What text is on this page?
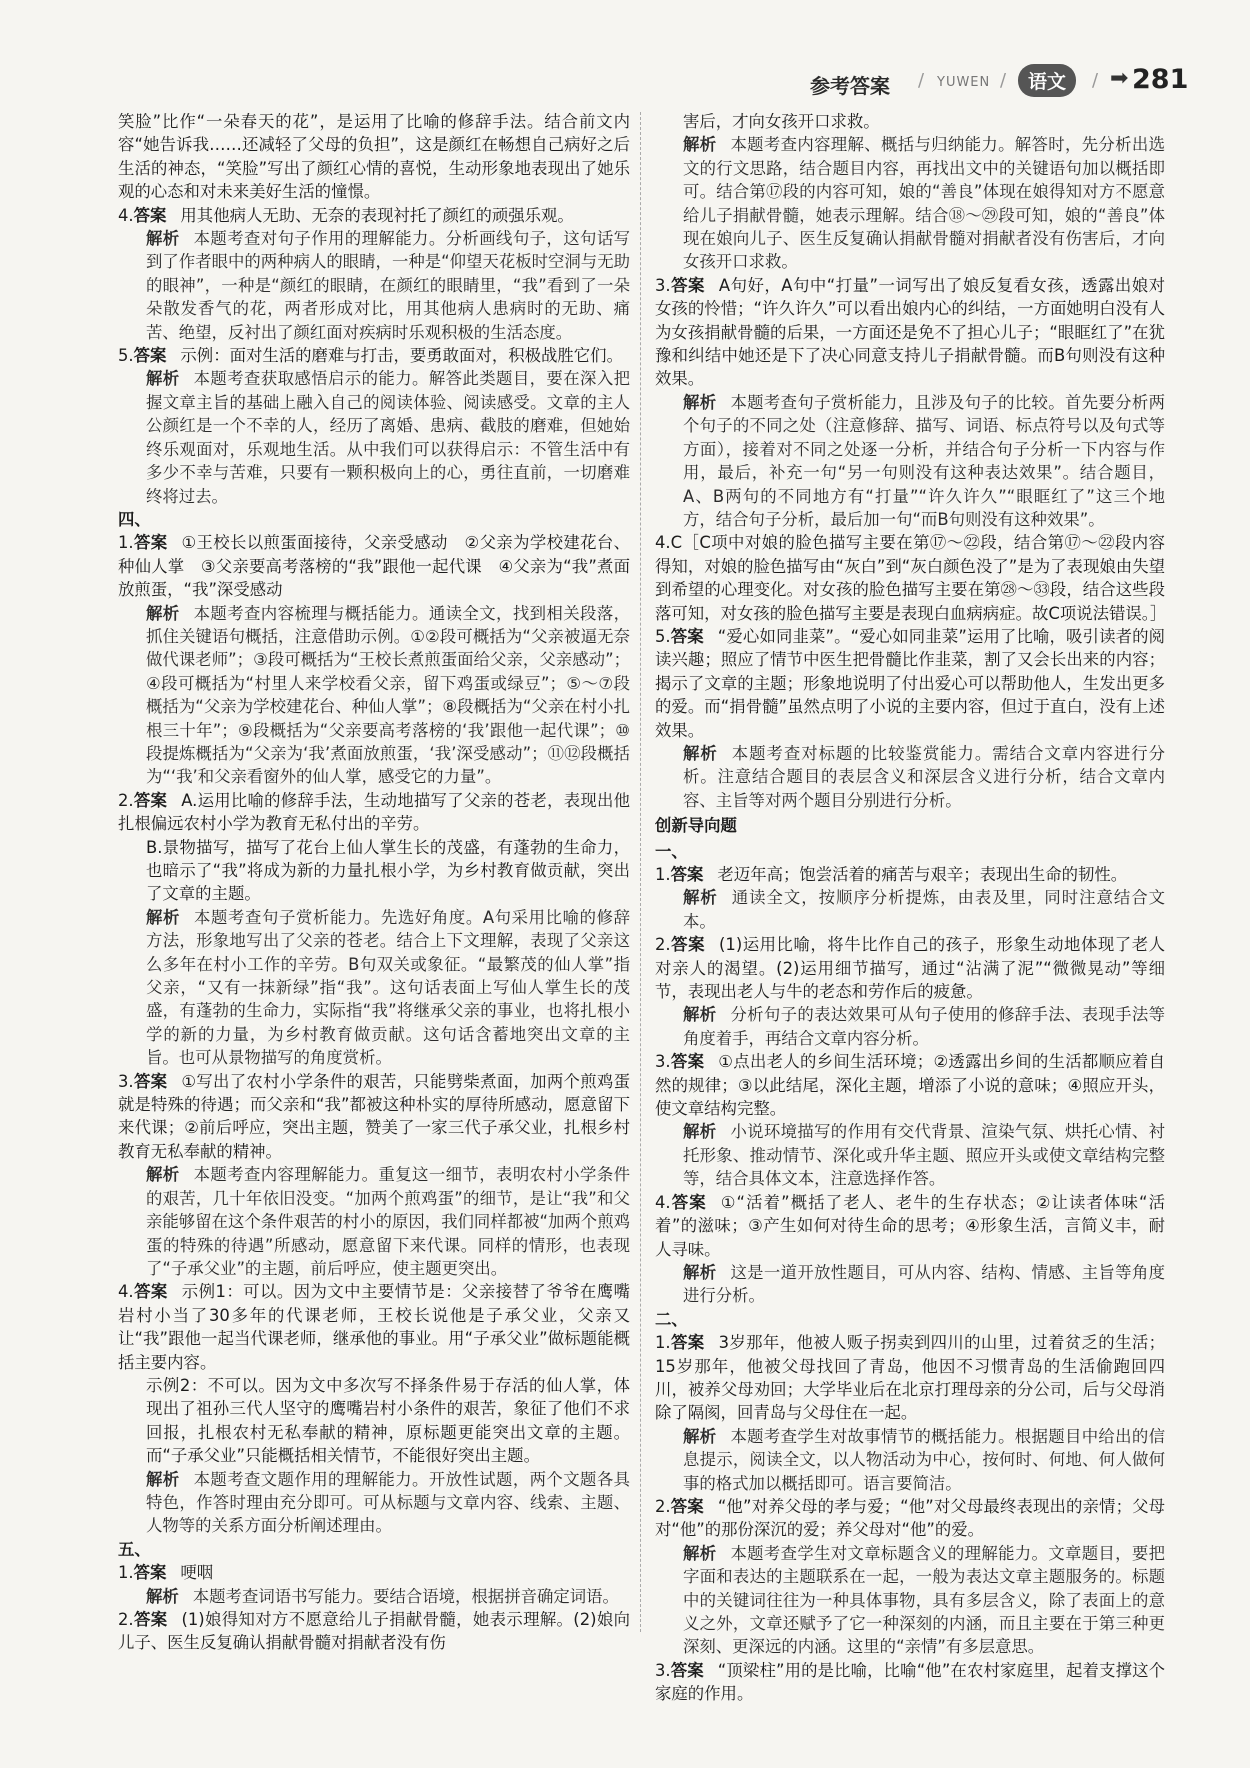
参考答案 / YUWEN /	语文	/ ➡ 281

笑脸”比作“一朵春天的花”，是运用了比喻的修辞手法。结合前文内容“她告诉我……还减轻了父母的负担”，这是颜红在畅想自己病好之后生活的神态，“笑脸”写出了颜红心情的喜悦，生动形象地表现出了她乐观的心态和对未来美好生活的憧憬。

4.答案 用其他病人无助、无奈的表现衬托了颜红的顽强乐观。

解析 本题考查对句子作用的理解能力。分析画线句子，这句话写到了作者眼中的两种病人的眼睛，一种是“仰望天花板时空洞与无助的眼神”，一种是“颜红的眼睛，在颜红的眼睛里，“我”看到了一朵朵散发香气的花，两者形成对比，用其他病人患病时的无助、痛苦、绝望，反衬出了颜红面对疾病时乐观积极的生活态度。

5.答案 示例：面对生活的磨难与打击，要勇敢面对，积极战胜它们。

解析 本题考查获取感悟启示的能力。解答此类题目，要在深入把握文章主旨的基础上融入自己的阅读体验、阅读感受。文章的主人公颜红是一个不幸的人，经历了离婚、患病、截肢的磨难，但她始终乐观面对，乐观地生活。从中我们可以获得启示：不管生活中有多少不幸与苦难，只要有一颗积极向上的心，勇往直前，一切磨难终将过去。

四、

1.答案 ①王校长以煎蛋面接待，父亲受感动　②父亲为学校建花台、种仙人掌　③父亲要高考落榜的“我”跟他一起代课　④父亲为“我”煮面放煎蛋，“我”深受感动

解析 本题考查内容梳理与概括能力。通读全文，找到相关段落，抓住关键语句概括，注意借助示例。①②段可概括为“父亲被逼无奈做代课老师”；③段可概括为“王校长煮煎蛋面给父亲，父亲感动”；④段可概括为“村里人来学校看父亲，留下鸡蛋或绿豆”；⑤～⑦段概括为“父亲为学校建花台、种仙人掌”；⑧段概括为“父亲在村小扎根三十年”；⑨段概括为“父亲要高考落榜的‘我’跟他一起代课”；⑩段提炼概括为“父亲为‘我’煮面放煎蛋，‘我’深受感动”；⑪⑫段概括为“‘我’和父亲看窗外的仙人掌，感受它的力量”。

2.答案 A.运用比喻的修辞手法，生动地描写了父亲的苍老，表现出他扎根偏远农村小学为教育无私付出的辛劳。

B.景物描写，描写了花台上仙人掌生长的茂盛，有蓬勃的生命力，也暗示了“我”将成为新的力量扎根小学，为乡村教育做贡献，突出了文章的主题。

解析 本题考查句子赏析能力。先选好角度。A句采用比喻的修辞方法，形象地写出了父亲的苍老。结合上下文理解，表现了父亲这么多年在村小工作的辛劳。B句双关或象征。“最繁茂的仙人掌”指父亲，“又有一抹新绿”指“我”。这句话表面上写仙人掌生长的茂盛，有蓬勃的生命力，实际指“我”将继承父亲的事业，也将扎根小学的新的力量，为乡村教育做贡献。这句话含蓄地突出文章的主旨。也可从景物描写的角度赏析。

3.答案 ①写出了农村小学条件的艰苦，只能劈柴煮面，加两个煎鸡蛋就是特殊的待遇；而父亲和“我”都被这种朴实的厚待所感动，愿意留下来代课；②前后呼应，突出主题，赞美了一家三代子承父业，扎根乡村教育无私奉献的精神。

解析 本题考查内容理解能力。重复这一细节，表明农村小学条件的艰苦，几十年依旧没变。“加两个煎鸡蛋”的细节，是让“我”和父亲能够留在这个条件艰苦的村小的原因，我们同样都被“加两个煎鸡蛋的特殊的待遇”所感动，愿意留下来代课。同样的情形，也表现了“子承父业”的主题，前后呼应，使主题更突出。

4.答案 示例1：可以。因为文中主要情节是：父亲接替了爷爷在鹰嘴岩村小当了30多年的代课老师，王校长说他是子承父业，父亲又让“我”跟他一起当代课老师，继承他的事业。用“子承父业”做标题能概括主要内容。

示例2：不可以。因为文中多次写不择条件易于存活的仙人掌，体现出了祖孙三代人坚守的鹰嘴岩村小条件的艰苦，象征了他们不求回报，扎根农村无私奉献的精神，原标题更能突出文章的主题。而“子承父业”只能概括相关情节，不能很好突出主题。

解析 本题考查文题作用的理解能力。开放性试题，两个文题各具特色，作答时理由充分即可。可从标题与文章内容、线索、主题、人物等的关系方面分析阐述理由。

五、

1.答案 哽咽

解析 本题考查词语书写能力。要结合语境，根据拼音确定词语。

2.答案 (1)娘得知对方不愿意给儿子捐献骨髓，她表示理解。(2)娘向儿子、医生反复确认捐献骨髓对捐献者没有伤

害后，才向女孩开口求救。

解析 本题考查内容理解、概括与归纳能力。解答时，先分析出选文的行文思路，结合题目内容，再找出文中的关键语句加以概括即可。结合第⑰段的内容可知，娘的“善良”体现在娘得知对方不愿意给儿子捐献骨髓，她表示理解。结合⑱～㉙段可知，娘的“善良”体现在娘向儿子、医生反复确认捐献骨髓对捐献者没有伤害后，才向女孩开口求救。

3.答案 A句好，A句中“打量”一词写出了娘反复看女孩，透露出娘对女孩的怜惜；“许久许久”可以看出娘内心的纠结，一方面她明白没有人为女孩捐献骨髓的后果，一方面还是免不了担心儿子；“眼眶红了”在犹豫和纠结中她还是下了决心同意支持儿子捐献骨髓。而B句则没有这种效果。

解析 本题考查句子赏析能力，且涉及句子的比较。首先要分析两个句子的不同之处（注意修辞、描写、词语、标点符号以及句式等方面），接着对不同之处逐一分析，并结合句子分析一下内容与作用，最后，补充一句“另一句则没有这种表达效果”。结合题目，A、B两句的不同地方有“打量”“许久许久”“眼眶红了”这三个地方，结合句子分析，最后加一句“而B句则没有这种效果”。

4.C［C项中对娘的脸色描写主要在第⑰～㉒段，结合第⑰～㉒段内容得知，对娘的脸色描写由“灰白”到“灰白颜色没了”是为了表现娘由失望到希望的心理变化。对女孩的脸色描写主要在第㉘～㉝段，结合这些段落可知，对女孩的脸色描写主要是表现白血病病症。故C项说法错误。］

5.答案 “爱心如同韭菜”。“爱心如同韭菜”运用了比喻，吸引读者的阅读兴趣；照应了情节中医生把骨髓比作韭菜，割了又会长出来的内容；揭示了文章的主题；形象地说明了付出爱心可以帮助他人，生发出更多的爱。而“捐骨髓”虽然点明了小说的主要内容，但过于直白，没有上述效果。

解析 本题考查对标题的比较鉴赏能力。需结合文章内容进行分析。注意结合题目的表层含义和深层含义进行分析，结合文章内容、主旨等对两个题目分别进行分析。

创新导向题

一、

1.答案 老迈年高；饱尝活着的痛苦与艰辛；表现出生命的韧性。

解析 通读全文，按顺序分析提炼，由表及里，同时注意结合文本。

2.答案 (1)运用比喻，将牛比作自己的孩子，形象生动地体现了老人对亲人的渴望。(2)运用细节描写，通过“沾满了泥”“微微晃动”等细节，表现出老人与牛的老态和劳作后的疲惫。

解析 分析句子的表达效果可从句子使用的修辞手法、表现手法等角度着手，再结合文章内容分析。

3.答案 ①点出老人的乡间生活环境；②透露出乡间的生活都顺应着自然的规律；③以此结尾，深化主题，增添了小说的意味；④照应开头，使文章结构完整。

解析 小说环境描写的作用有交代背景、渲染气氛、烘托心情、衬托形象、推动情节、深化或升华主题、照应开头或使文章结构完整等，结合具体文本，注意选择作答。

4.答案 ①“活着”概括了老人、老牛的生存状态；②让读者体味“活着”的滋味；③产生如何对待生命的思考；④形象生活，言简义丰，耐人寻味。

解析 这是一道开放性题目，可从内容、结构、情感、主旨等角度进行分析。

二、

1.答案 3岁那年，他被人贩子拐卖到四川的山里，过着贫乏的生活；15岁那年，他被父母找回了青岛，他因不习惯青岛的生活偷跑回四川，被养父母劝回；大学毕业后在北京打理母亲的分公司，后与父母消除了隔阂，回青岛与父母住在一起。

解析 本题考查学生对故事情节的概括能力。根据题目中给出的信息提示，阅读全文，以人物活动为中心，按何时、何地、何人做何事的格式加以概括即可。语言要简洁。

2.答案 “他”对养父母的孝与爱；“他”对父母最终表现出的亲情；父母对“他”的那份深沉的爱；养父母对“他”的爱。

解析 本题考查学生对文章标题含义的理解能力。文章题目，要把字面和表达的主题联系在一起，一般为表达文章主题服务的。标题中的关键词往往为一种具体事物，具有多层含义，除了表面上的意义之外，文章还赋予了它一种深刻的内涵，而且主要在于第三种更深刻、更深远的内涵。这里的“亲情”有多层意思。

3.答案 “顶梁柱”用的是比喻，比喻“他”在农村家庭里，起着支撑这个家庭的作用。
